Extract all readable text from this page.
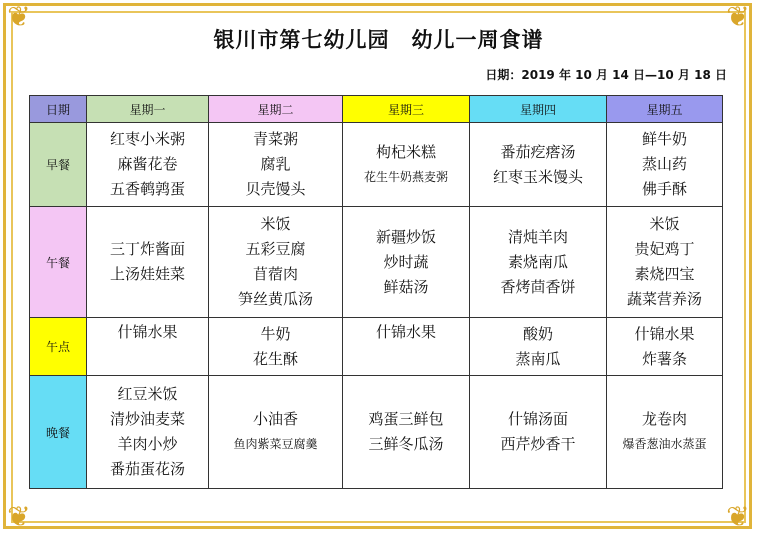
❦	❦
❦	❦
银川市第七幼儿园　幼儿一周食谱
日期：2019 年 10 月 14 日—10 月 18 日
日期	星期一	星期二	星期三	星期四	星期五
早餐	红枣小米粥
麻酱花卷
五香鹌鹑蛋	青菜粥
腐乳
贝壳馒头	枸杞米糕
花生牛奶燕麦粥	番茄疙瘩汤
红枣玉米馒头	鲜牛奶
蒸山药
佛手酥

午餐	三丁炸酱面
上汤娃娃菜	米饭
五彩豆腐
苜蓿肉
笋丝黄瓜汤	新疆炒饭
炒时蔬
鲜菇汤	清炖羊肉
素烧南瓜
香烤茴香饼	米饭
贵妃鸡丁
素烧四宝
蔬菜营养汤

午点	什锦水果	牛奶
花生酥	什锦水果	酸奶
蒸南瓜	什锦水果
炸薯条

晚餐	红豆米饭
清炒油麦菜
羊肉小炒
番茄蛋花汤	小油香
鱼肉紫菜豆腐羹	鸡蛋三鲜包
三鲜冬瓜汤	什锦汤面
西芹炒香干	龙卷肉
爆香葱油水蒸蛋
